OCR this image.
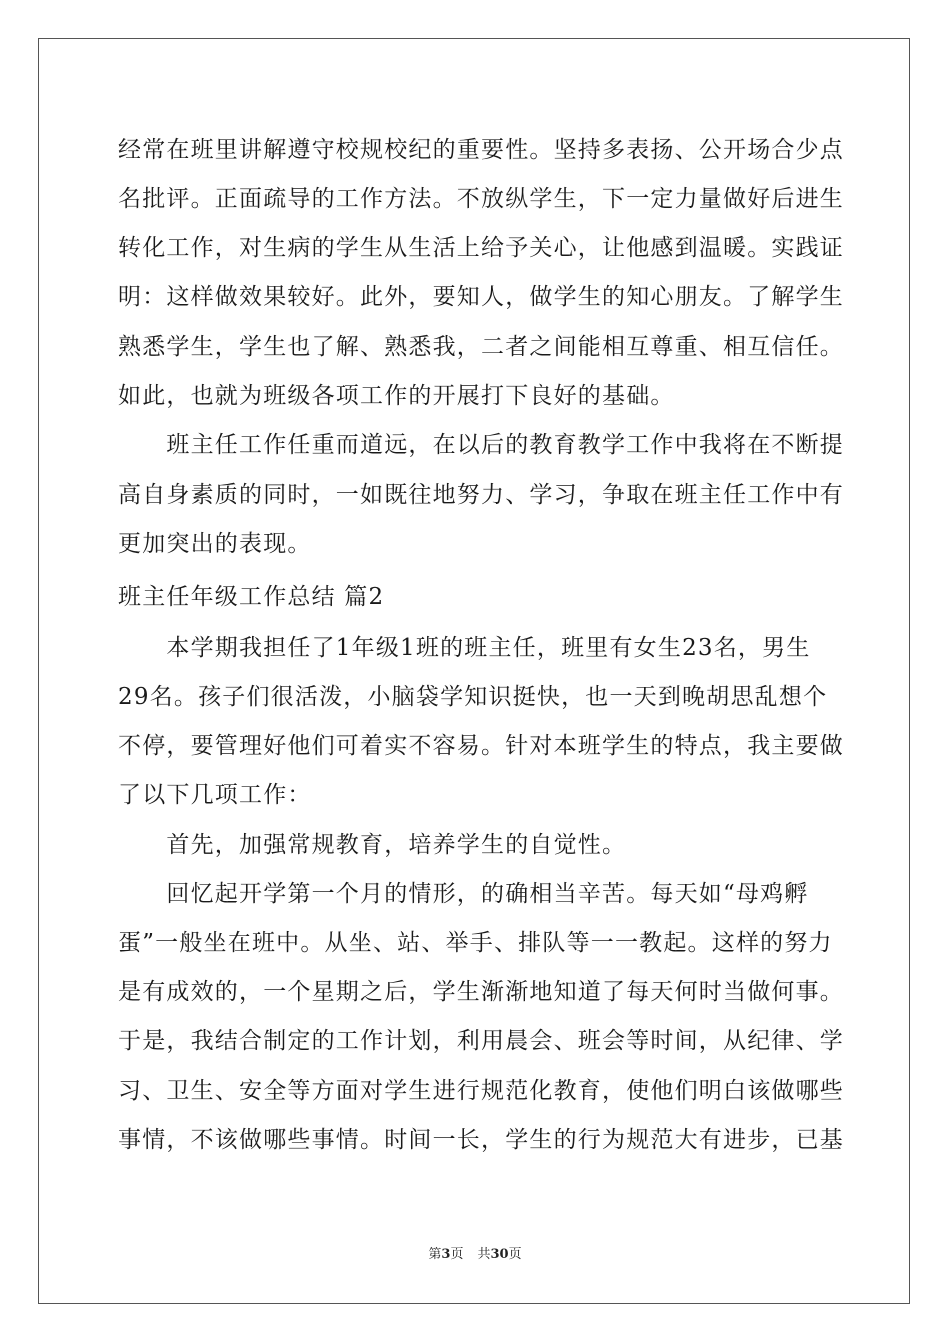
经常在班里讲解遵守校规校纪的重要性。坚持多表扬、公开场合少点
名批评。正面疏导的工作方法。不放纵学生，下一定力量做好后进生
转化工作，对生病的学生从生活上给予关心，让他感到温暖。实践证
明：这样做效果较好。此外，要知人，做学生的知心朋友。了解学生
熟悉学生，学生也了解、熟悉我，二者之间能相互尊重、相互信任。
如此，也就为班级各项工作的开展打下良好的基础。
　　班主任工作任重而道远，在以后的教育教学工作中我将在不断提
高自身素质的同时，一如既往地努力、学习，争取在班主任工作中有
更加突出的表现。
班主任年级工作总结 篇2
　　本学期我担任了1年级1班的班主任，班里有女生23名，男生
29名。孩子们很活泼，小脑袋学知识挺快，也一天到晚胡思乱想个
不停，要管理好他们可着实不容易。针对本班学生的特点，我主要做
了以下几项工作：
　　首先，加强常规教育，培养学生的自觉性。
　　回忆起开学第一个月的情形，的确相当辛苦。每天如“母鸡孵
蛋”一般坐在班中。从坐、站、举手、排队等一一教起。这样的努力
是有成效的，一个星期之后，学生渐渐地知道了每天何时当做何事。
于是，我结合制定的工作计划，利用晨会、班会等时间，从纪律、学
习、卫生、安全等方面对学生进行规范化教育，使他们明白该做哪些
事情，不该做哪些事情。时间一长，学生的行为规范大有进步，已基
第3页 共30页
